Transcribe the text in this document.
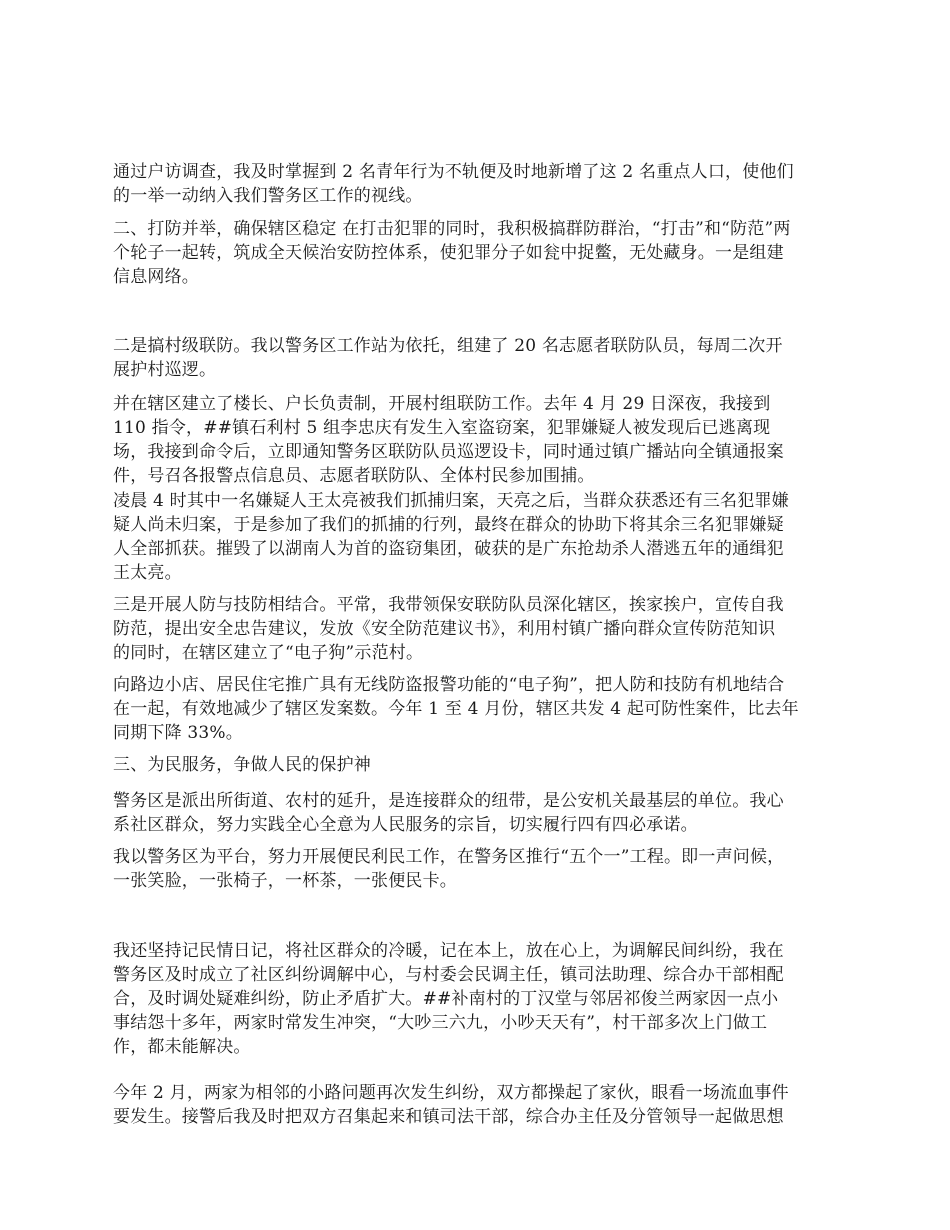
通过户访调查，我及时掌握到 2 名青年行为不轨便及时地新增了这 2 名重点人口，使他们
的一举一动纳入我们警务区工作的视线。

二、打防并举，确保辖区稳定 在打击犯罪的同时，我积极搞群防群治，“打击”和“防范”两
个轮子一起转，筑成全天候治安防控体系，使犯罪分子如瓮中捉鳖，无处藏身。一是组建
信息网络。

二是搞村级联防。我以警务区工作站为依托，组建了 20 名志愿者联防队员，每周二次开
展护村巡逻。

并在辖区建立了楼长、户长负责制，开展村组联防工作。去年 4 月 29 日深夜，我接到
110 指令，##镇石利村 5 组李忠庆有发生入室盗窃案，犯罪嫌疑人被发现后已逃离现
场，我接到命令后，立即通知警务区联防队员巡逻设卡，同时通过镇广播站向全镇通报案
件，号召各报警点信息员、志愿者联防队、全体村民参加围捕。

凌晨 4 时其中一名嫌疑人王太亮被我们抓捕归案，天亮之后，当群众获悉还有三名犯罪嫌
疑人尚未归案，于是参加了我们的抓捕的行列，最终在群众的协助下将其余三名犯罪嫌疑
人全部抓获。摧毁了以湖南人为首的盗窃集团，破获的是广东抢劫杀人潜逃五年的通缉犯
王太亮。

三是开展人防与技防相结合。平常，我带领保安联防队员深化辖区，挨家挨户，宣传自我
防范，提出安全忠告建议，发放《安全防范建议书》，利用村镇广播向群众宣传防范知识
的同时，在辖区建立了“电子狗”示范村。

向路边小店、居民住宅推广具有无线防盗报警功能的“电子狗”，把人防和技防有机地结合
在一起，有效地减少了辖区发案数。今年 1 至 4 月份，辖区共发 4 起可防性案件，比去年
同期下降 33%。

三、为民服务，争做人民的保护神

警务区是派出所街道、农村的延升，是连接群众的纽带，是公安机关最基层的单位。我心
系社区群众，努力实践全心全意为人民服务的宗旨，切实履行四有四必承诺。

我以警务区为平台，努力开展便民利民工作，在警务区推行“五个一”工程。即一声问候，
一张笑脸，一张椅子，一杯茶，一张便民卡。

我还坚持记民情日记，将社区群众的冷暖，记在本上，放在心上，为调解民间纠纷，我在
警务区及时成立了社区纠纷调解中心，与村委会民调主任，镇司法助理、综合办干部相配
合，及时调处疑难纠纷，防止矛盾扩大。##补南村的丁汉堂与邻居祁俊兰两家因一点小
事结怨十多年，两家时常发生冲突，“大吵三六九，小吵天天有”，村干部多次上门做工
作，都未能解决。

今年 2 月，两家为相邻的小路问题再次发生纠纷，双方都操起了家伙，眼看一场流血事件
要发生。接警后我及时把双方召集起来和镇司法干部，综合办主任及分管领导一起做思想
